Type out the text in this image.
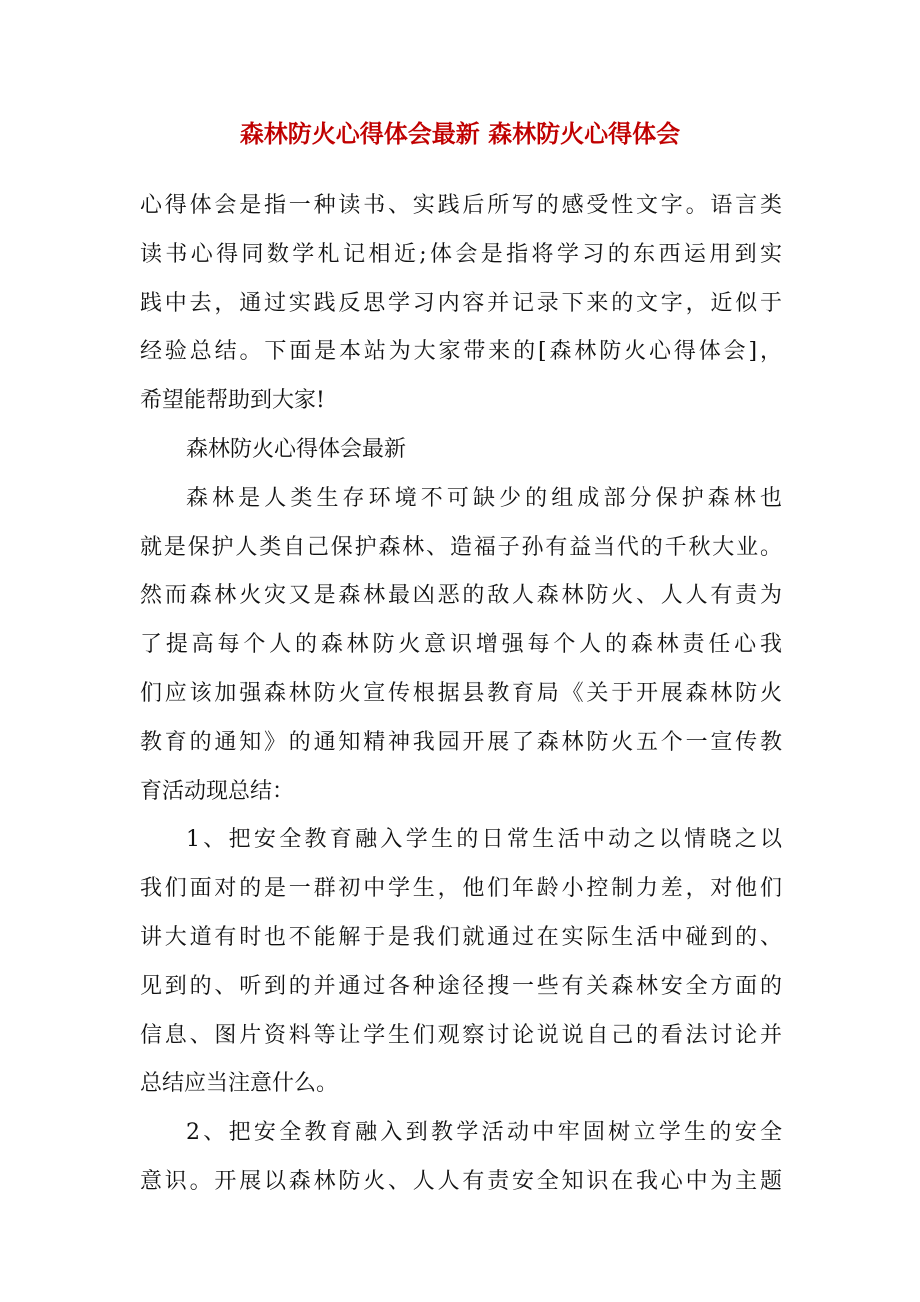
森林防火心得体会最新 森林防火心得体会
心得体会是指一种读书、实践后所写的感受性文字。语言类
读书心得同数学札记相近;体会是指将学习的东西运用到实
践中去，通过实践反思学习内容并记录下来的文字，近似于
经验总结。下面是本站为大家带来的[森林防火心得体会]，
希望能帮助到大家!
森林防火心得体会最新
森林是人类生存环境不可缺少的组成部分保护森林也
就是保护人类自己保护森林、造福子孙有益当代的千秋大业。
然而森林火灾又是森林最凶恶的敌人森林防火、人人有责为
了提高每个人的森林防火意识增强每个人的森林责任心我
们应该加强森林防火宣传根据县教育局《关于开展森林防火
教育的通知》的通知精神我园开展了森林防火五个一宣传教
育活动现总结：
1、把安全教育融入学生的日常生活中动之以情晓之以
我们面对的是一群初中学生，他们年龄小控制力差，对他们
讲大道有时也不能解于是我们就通过在实际生活中碰到的、
见到的、听到的并通过各种途径搜一些有关森林安全方面的
信息、图片资料等让学生们观察讨论说说自己的看法讨论并
总结应当注意什么。
2、把安全教育融入到教学活动中牢固树立学生的安全
意识。开展以森林防火、人人有责安全知识在我心中为主题
